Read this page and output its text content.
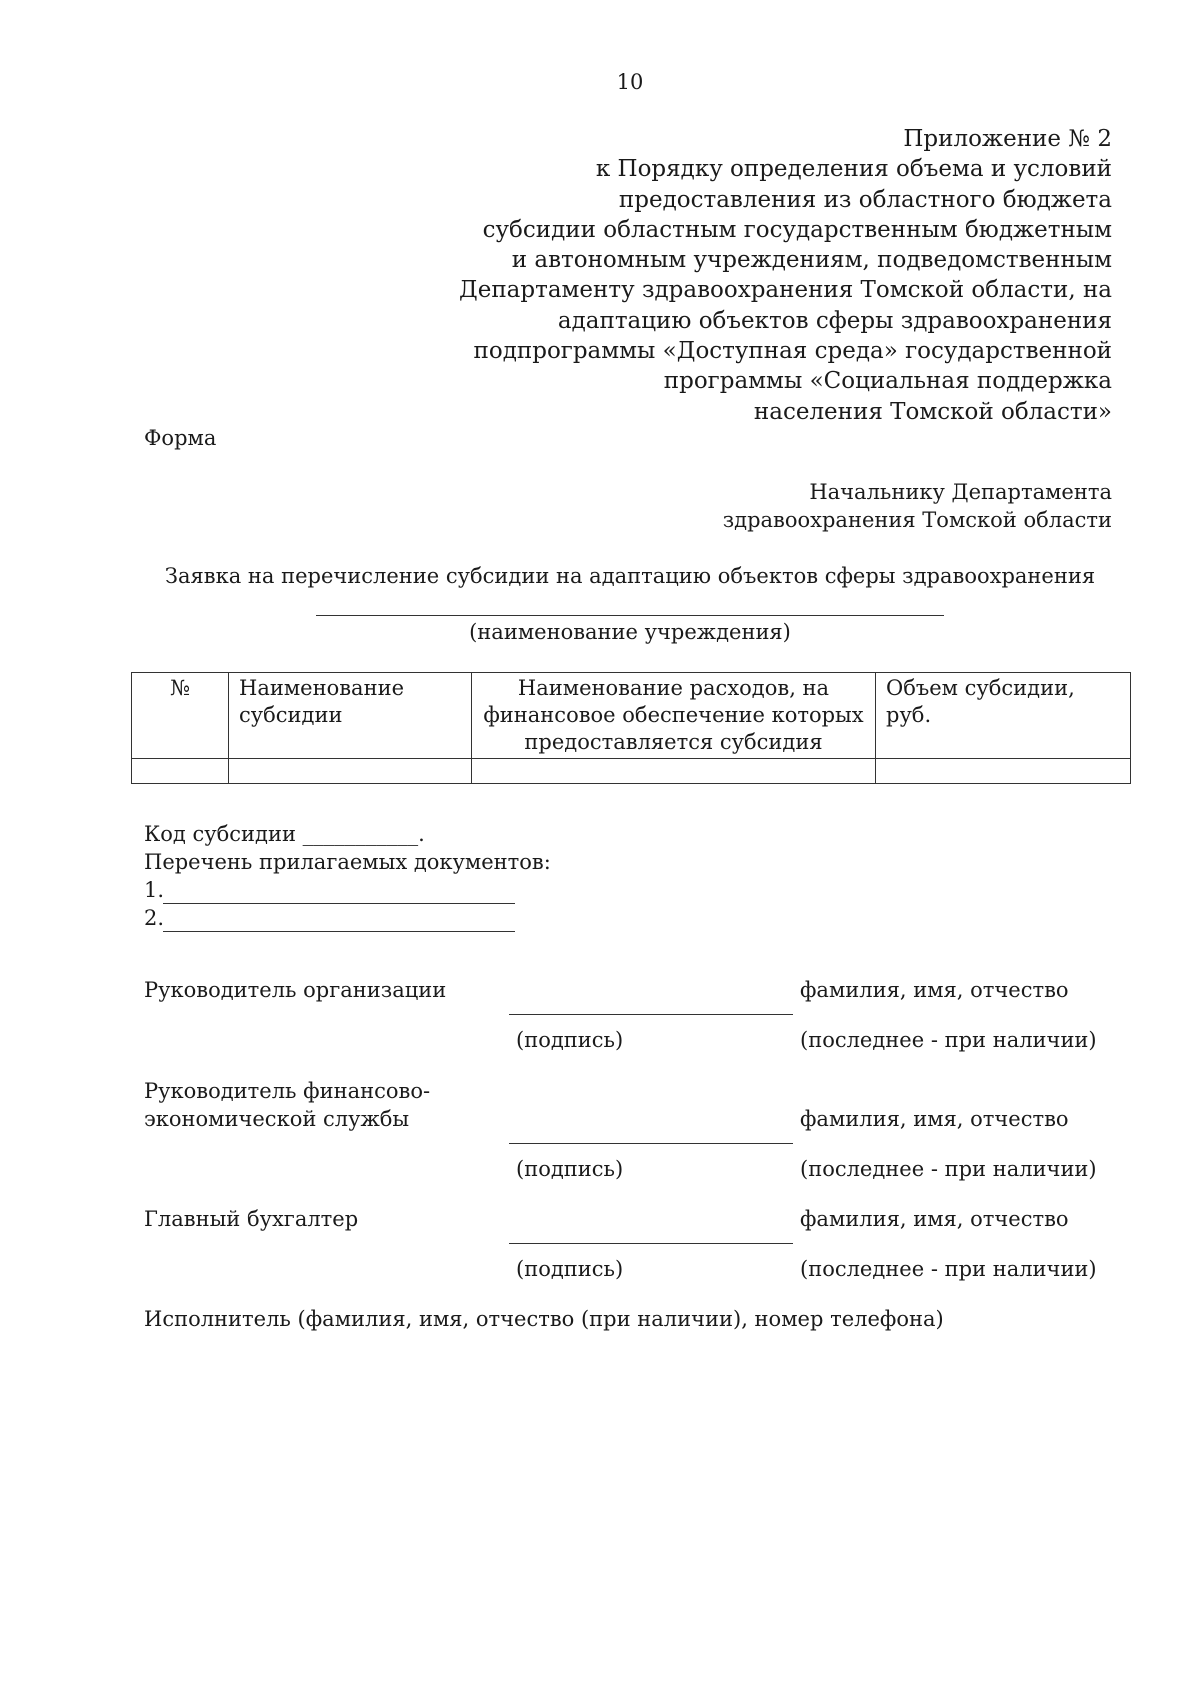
10
Приложение № 2
к Порядку определения объема и условий
предоставления из областного бюджета
субсидии областным государственным бюджетным
и автономным учреждениям, подведомственным
Департаменту здравоохранения Томской области, на
адаптацию объектов сферы здравоохранения
подпрограммы «Доступная среда» государственной
программы «Социальная поддержка
населения Томской области»
Форма
Начальнику Департамента
здравоохранения Томской области
Заявка на перечисление субсидии на адаптацию объектов сферы здравоохранения
(наименование учреждения)
№	Наименование субсидии	Наименование расходов, на финансовое обеспечение которых предоставляется субсидия	Объем субсидии, руб.

Код субсидии ___________.
Перечень прилагаемых документов:
1.
2.
Руководитель организации	фамилия, имя, отчество
(подпись)	(последнее - при наличии)
Руководитель финансово-
экономической службы	фамилия, имя, отчество
(подпись)	(последнее - при наличии)
Главный бухгалтер	фамилия, имя, отчество
(подпись)	(последнее - при наличии)
Исполнитель (фамилия, имя, отчество (при наличии), номер телефона)
